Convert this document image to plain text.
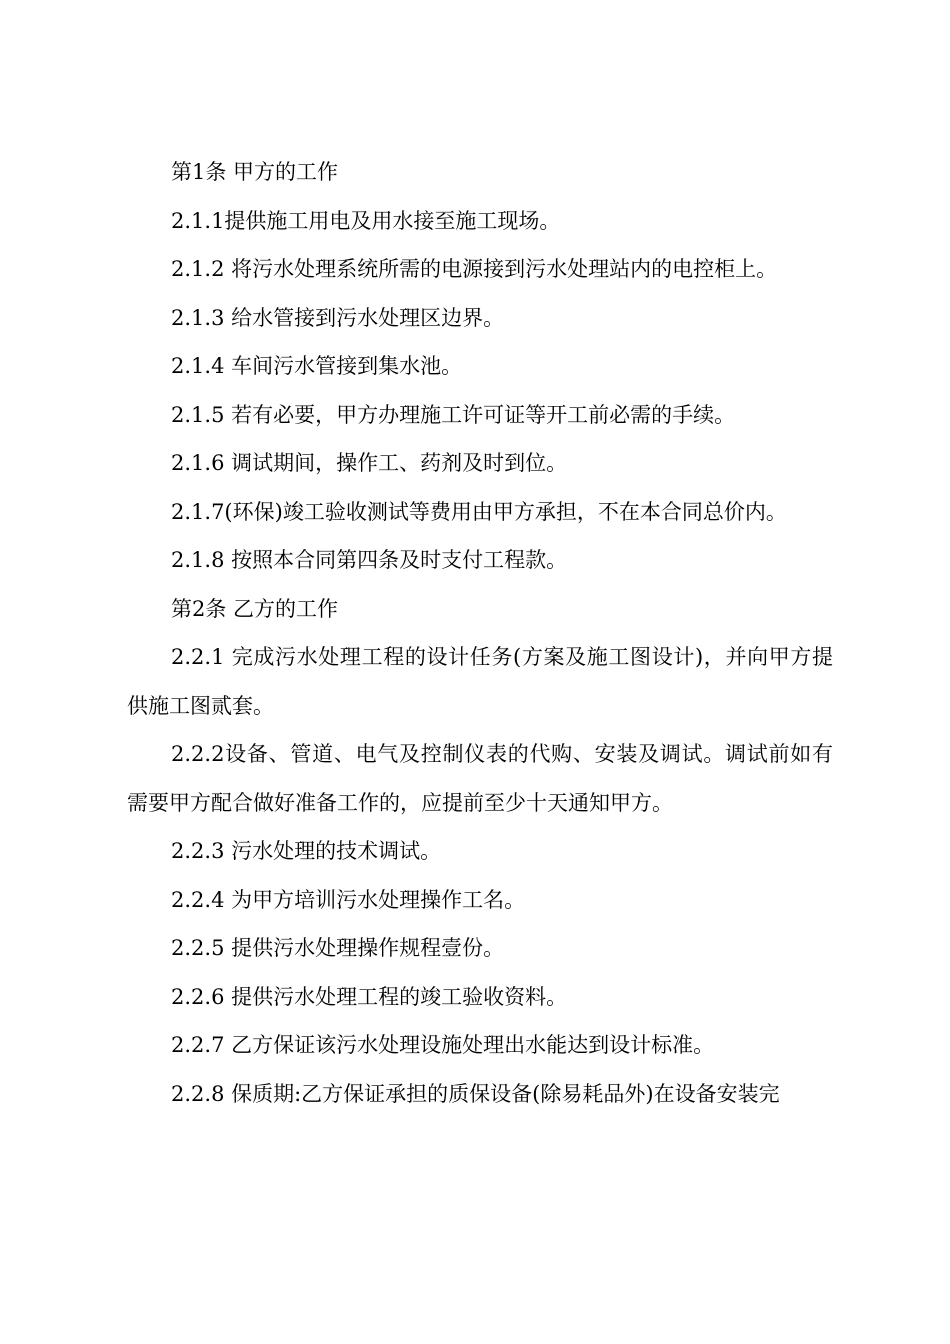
第1条 甲方的工作

2.1.1提供施工用电及用水接至施工现场。

2.1.2 将污水处理系统所需的电源接到污水处理站内的电控柜上。

2.1.3 给水管接到污水处理区边界。

2.1.4 车间污水管接到集水池。

2.1.5 若有必要，甲方办理施工许可证等开工前必需的手续。

2.1.6 调试期间，操作工、药剂及时到位。

2.1.7(环保)竣工验收测试等费用由甲方承担，不在本合同总价内。

2.1.8 按照本合同第四条及时支付工程款。

第2条 乙方的工作

2.2.1 完成污水处理工程的设计任务(方案及施工图设计)，并向甲方提供施工图贰套。

2.2.2设备、管道、电气及控制仪表的代购、安装及调试。调试前如有需要甲方配合做好准备工作的，应提前至少十天通知甲方。

2.2.3 污水处理的技术调试。

2.2.4 为甲方培训污水处理操作工名。

2.2.5 提供污水处理操作规程壹份。

2.2.6 提供污水处理工程的竣工验收资料。

2.2.7 乙方保证该污水处理设施处理出水能达到设计标准。

2.2.8 保质期:乙方保证承担的质保设备(除易耗品外)在设备安装完
